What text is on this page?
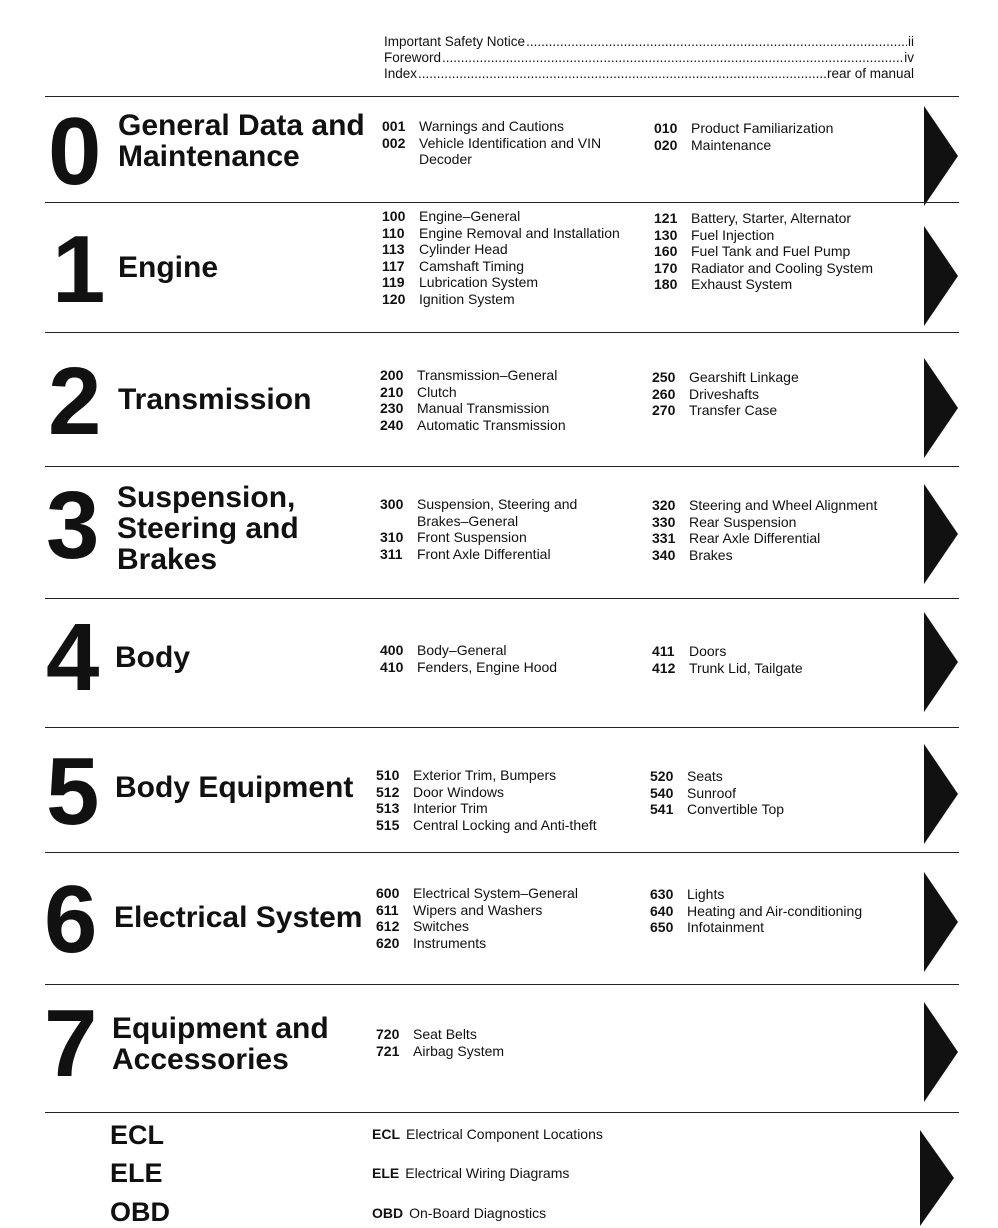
Important Safety Notice .....	ii
Foreword .....	iv
Index .....	rear of manual
0 General Data and
Maintenance
001 Warnings and Cautions
002 Vehicle Identification and VIN
Decoder
010 Product Familiarization
020 Maintenance
1 Engine
100 Engine–General
110	Engine Removal and Installation
113	Cylinder Head
117	Camshaft Timing
119	Lubrication System
120 Ignition System
121 Battery, Starter, Alternator
130 Fuel Injection
160 Fuel Tank and Fuel Pump
170 Radiator and Cooling System
180 Exhaust System
2 Transmission
200 Transmission–General
210 Clutch
230 Manual Transmission
240 Automatic Transmission
250 Gearshift Linkage
260 Driveshafts
270 Transfer Case
3 Suspension,
Steering and
Brakes
300 Suspension, Steering and
Brakes–General
310 Front Suspension
311	Front Axle Differential
320 Steering and Wheel Alignment
330 Rear Suspension
331 Rear Axle Differential
340 Brakes
4 Body	400 Body–General
410 Fenders, Engine Hood
411	Doors
412 Trunk Lid, Tailgate
5 Body Equipment 510 Exterior Trim, Bumpers
512 Door Windows
513 Interior Trim
515 Central Locking and Anti-theft
520 Seats
540 Sunroof
541 Convertible Top
6 Electrical System
600 Electrical System–General
611	Wipers and Washers
612 Switches
620 Instruments
630 Lights
640 Heating and Air-conditioning
650 Infotainment
7 Equipment and
Accessories
720 Seat Belts
721 Airbag System
ECL
ELE
OBD
ECL Electrical Component Locations
ELE Electrical Wiring Diagrams
OBD On-Board Diagnostics
